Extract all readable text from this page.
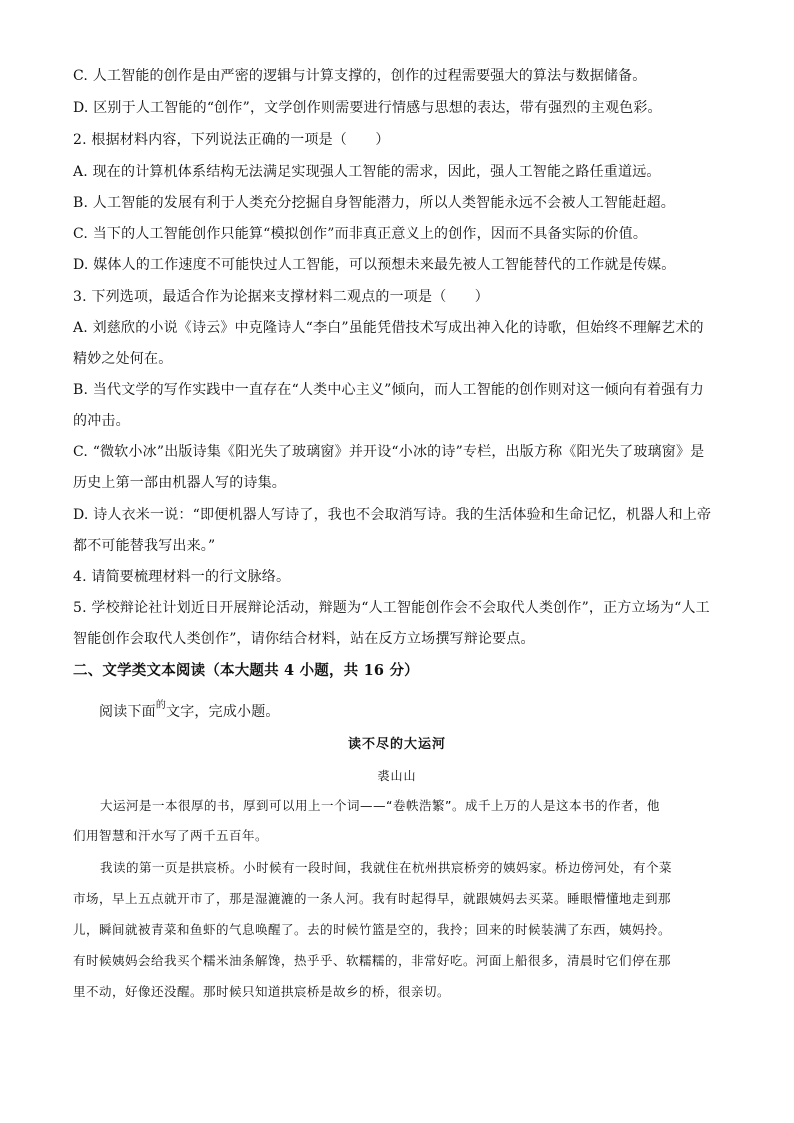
C. 人工智能的创作是由严密的逻辑与计算支撑的，创作的过程需要强大的算法与数据储备。
D. 区别于人工智能的“创作”，文学创作则需要进行情感与思想的表达，带有强烈的主观色彩。
2. 根据材料内容，下列说法正确的一项是（　　）
A. 现在的计算机体系结构无法满足实现强人工智能的需求，因此，强人工智能之路任重道远。
B. 人工智能的发展有利于人类充分挖掘自身智能潜力，所以人类智能永远不会被人工智能赶超。
C. 当下的人工智能创作只能算“模拟创作”而非真正意义上的创作，因而不具备实际的价值。
D. 媒体人的工作速度不可能快过人工智能，可以预想未来最先被人工智能替代的工作就是传媒。
3. 下列选项，最适合作为论据来支撑材料二观点的一项是（　　）
A. 刘慈欣的小说《诗云》中克隆诗人“李白”虽能凭借技术写成出神入化的诗歌，但始终不理解艺术的
精妙之处何在。
B. 当代文学的写作实践中一直存在“人类中心主义”倾向，而人工智能的创作则对这一倾向有着强有力
的冲击。
C. “微软小冰”出版诗集《阳光失了玻璃窗》并开设“小冰的诗”专栏，出版方称《阳光失了玻璃窗》是
历史上第一部由机器人写的诗集。
D. 诗人衣米一说：“即便机器人写诗了，我也不会取消写诗。我的生活体验和生命记忆，机器人和上帝
都不可能替我写出来。”
4. 请简要梳理材料一的行文脉络。
5. 学校辩论社计划近日开展辩论活动，辩题为“人工智能创作会不会取代人类创作”，正方立场为“人工
智能创作会取代人类创作”，请你结合材料，站在反方立场撰写辩论要点。
二、文学类文本阅读（本大题共 4 小题，共 16 分）
阅读下面$^的$文字，完成小题。
读不尽的大运河
裘山山
大运河是一本很厚的书，厚到可以用上一个词——“卷帙浩繁”。成千上万的人是这本书的作者，他
们用智慧和汗水写了两千五百年。
我读的第一页是拱宸桥。小时候有一段时间，我就住在杭州拱宸桥旁的姨妈家。桥边傍河处，有个菜
市场，早上五点就开市了，那是湿漉漉的一条人河。我有时起得早，就跟姨妈去买菜。睡眼懵懂地走到那
儿，瞬间就被青菜和鱼虾的气息唤醒了。去的时候竹篮是空的，我拎；回来的时候装满了东西，姨妈拎。
有时候姨妈会给我买个糯米油条解馋，热乎乎、软糯糯的，非常好吃。河面上船很多，清晨时它们停在那
里不动，好像还没醒。那时候只知道拱宸桥是故乡的桥，很亲切。
